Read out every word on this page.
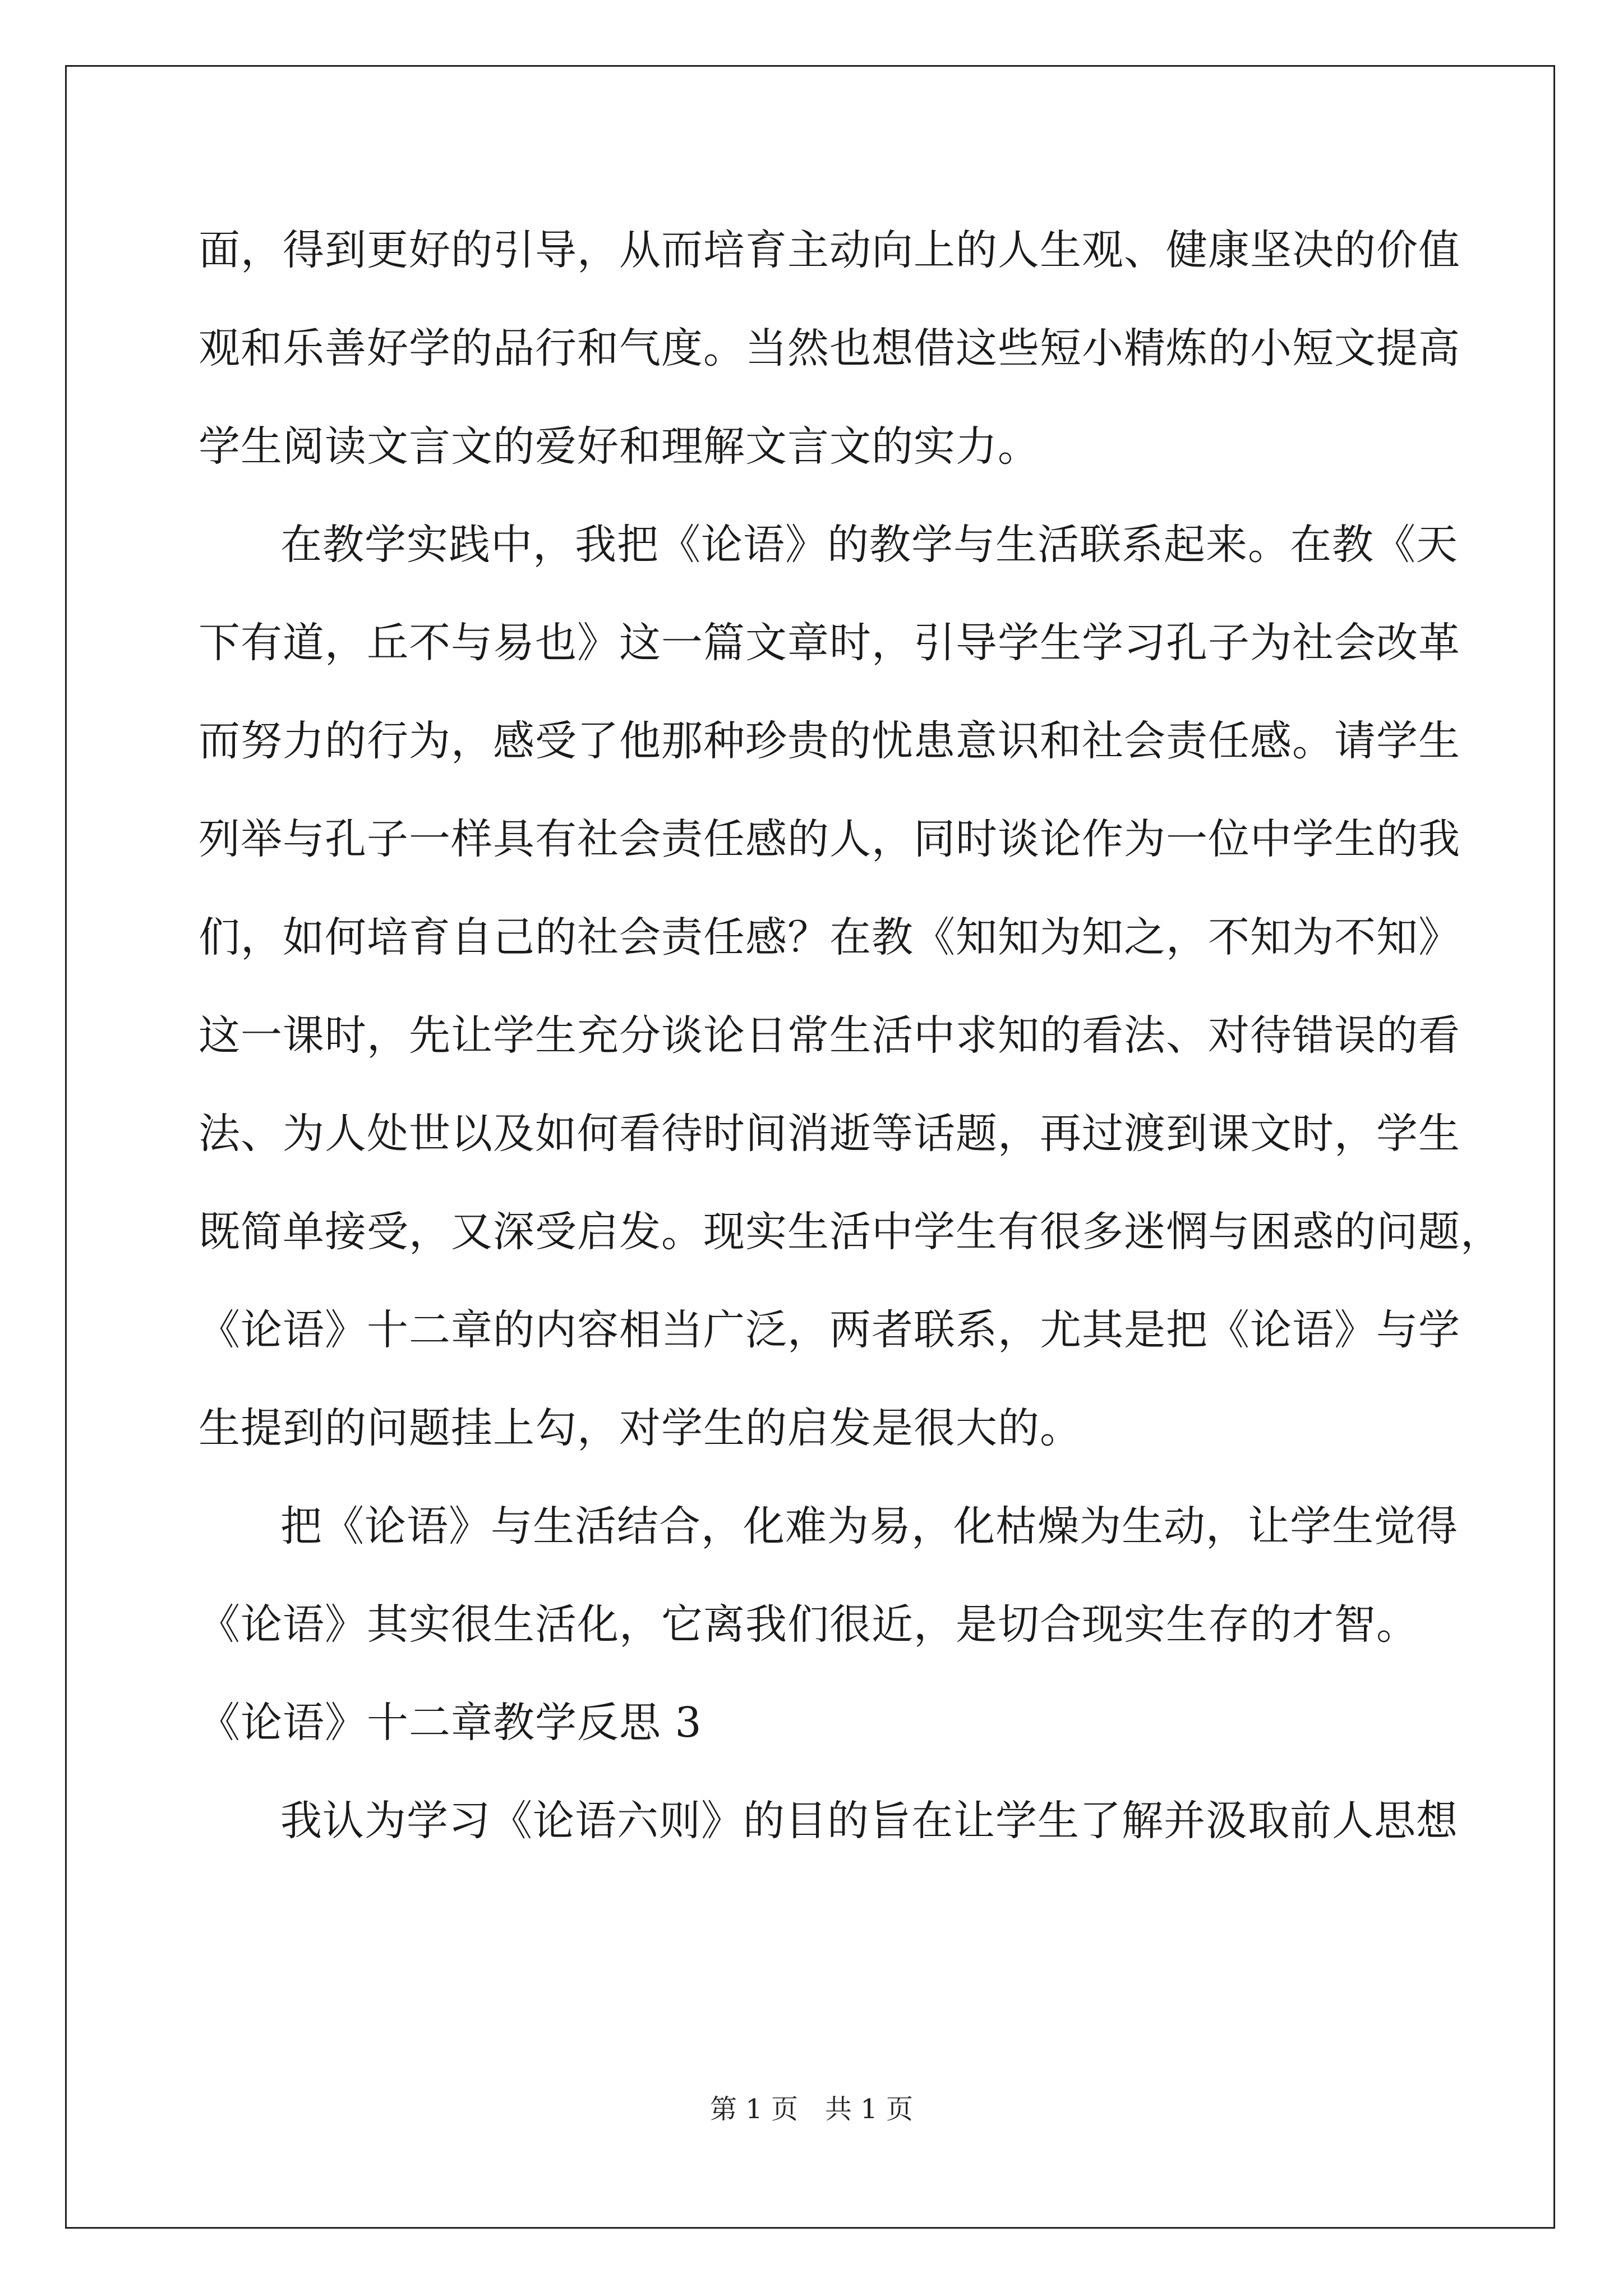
面，得到更好的引导，从而培育主动向上的人生观、健康坚决的价值
观和乐善好学的品行和气度。当然也想借这些短小精炼的小短文提高
学生阅读文言文的爱好和理解文言文的实力。
在教学实践中，我把《论语》的教学与生活联系起来。在教《天
下有道，丘不与易也》这一篇文章时，引导学生学习孔子为社会改革
而努力的行为，感受了他那种珍贵的忧患意识和社会责任感。请学生
列举与孔子一样具有社会责任感的人，同时谈论作为一位中学生的我
们，如何培育自己的社会责任感？在教《知知为知之，不知为不知》
这一课时，先让学生充分谈论日常生活中求知的看法、对待错误的看
法、为人处世以及如何看待时间消逝等话题，再过渡到课文时，学生
既简单接受，又深受启发。现实生活中学生有很多迷惘与困惑的问题，
《论语》十二章的内容相当广泛，两者联系，尤其是把《论语》与学
生提到的问题挂上勾，对学生的启发是很大的。
把《论语》与生活结合，化难为易，化枯燥为生动，让学生觉得
《论语》其实很生活化，它离我们很近，是切合现实生存的才智。
《论语》十二章教学反思 3
我认为学习《论语六则》的目的旨在让学生了解并汲取前人思想
第 1 页　共 1 页
